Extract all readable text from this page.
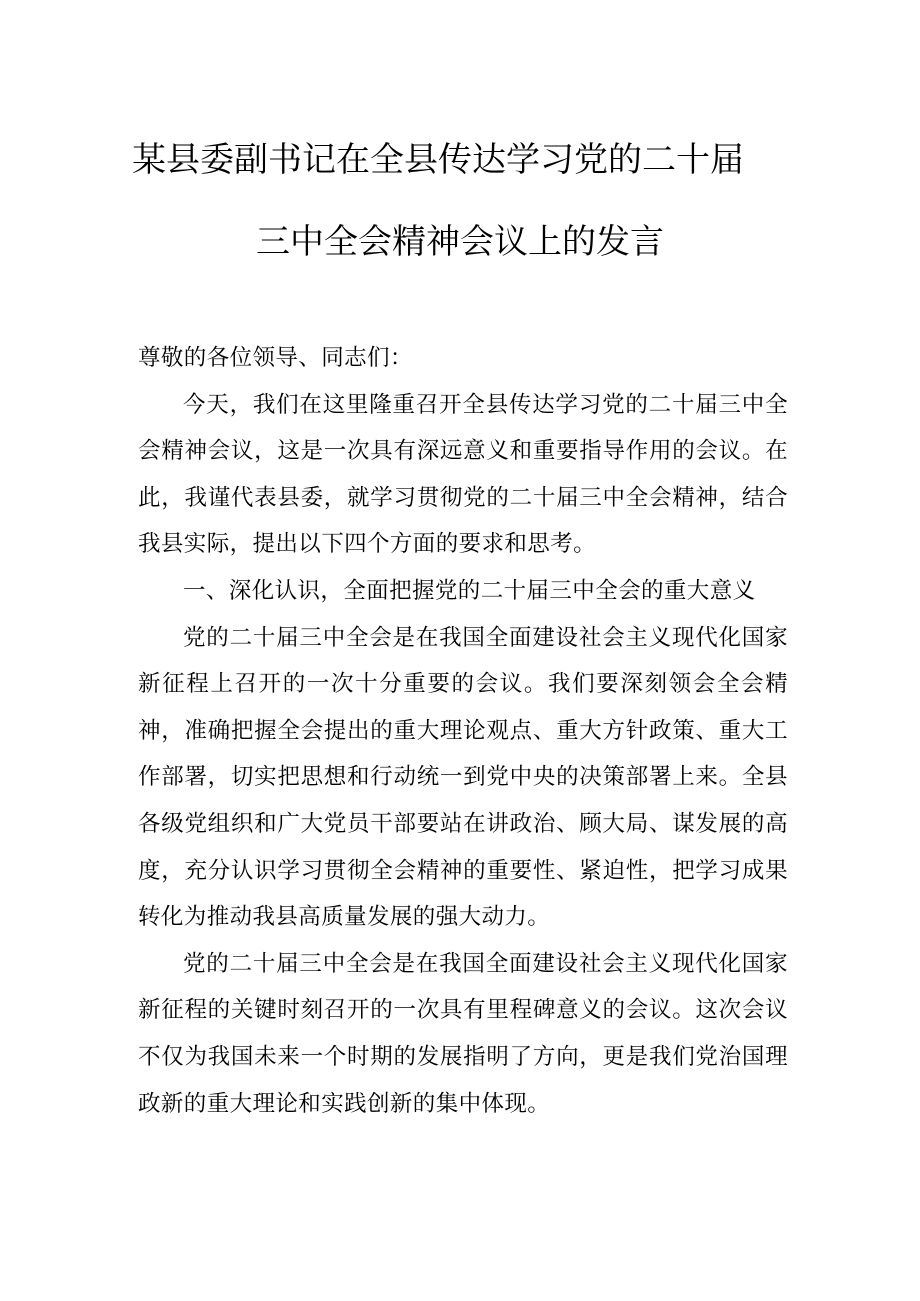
某县委副书记在全县传达学习党的二十届
三中全会精神会议上的发言

尊敬的各位领导、同志们：

今天，我们在这里隆重召开全县传达学习党的二十届三中全会精神会议，这是一次具有深远意义和重要指导作用的会议。在此，我谨代表县委，就学习贯彻党的二十届三中全会精神，结合我县实际，提出以下四个方面的要求和思考。

一、深化认识，全面把握党的二十届三中全会的重大意义

党的二十届三中全会是在我国全面建设社会主义现代化国家新征程上召开的一次十分重要的会议。我们要深刻领会全会精神，准确把握全会提出的重大理论观点、重大方针政策、重大工作部署，切实把思想和行动统一到党中央的决策部署上来。全县各级党组织和广大党员干部要站在讲政治、顾大局、谋发展的高度，充分认识学习贯彻全会精神的重要性、紧迫性，把学习成果转化为推动我县高质量发展的强大动力。

党的二十届三中全会是在我国全面建设社会主义现代化国家新征程的关键时刻召开的一次具有里程碑意义的会议。这次会议不仅为我国未来一个时期的发展指明了方向，更是我们党治国理政新的重大理论和实践创新的集中体现。
